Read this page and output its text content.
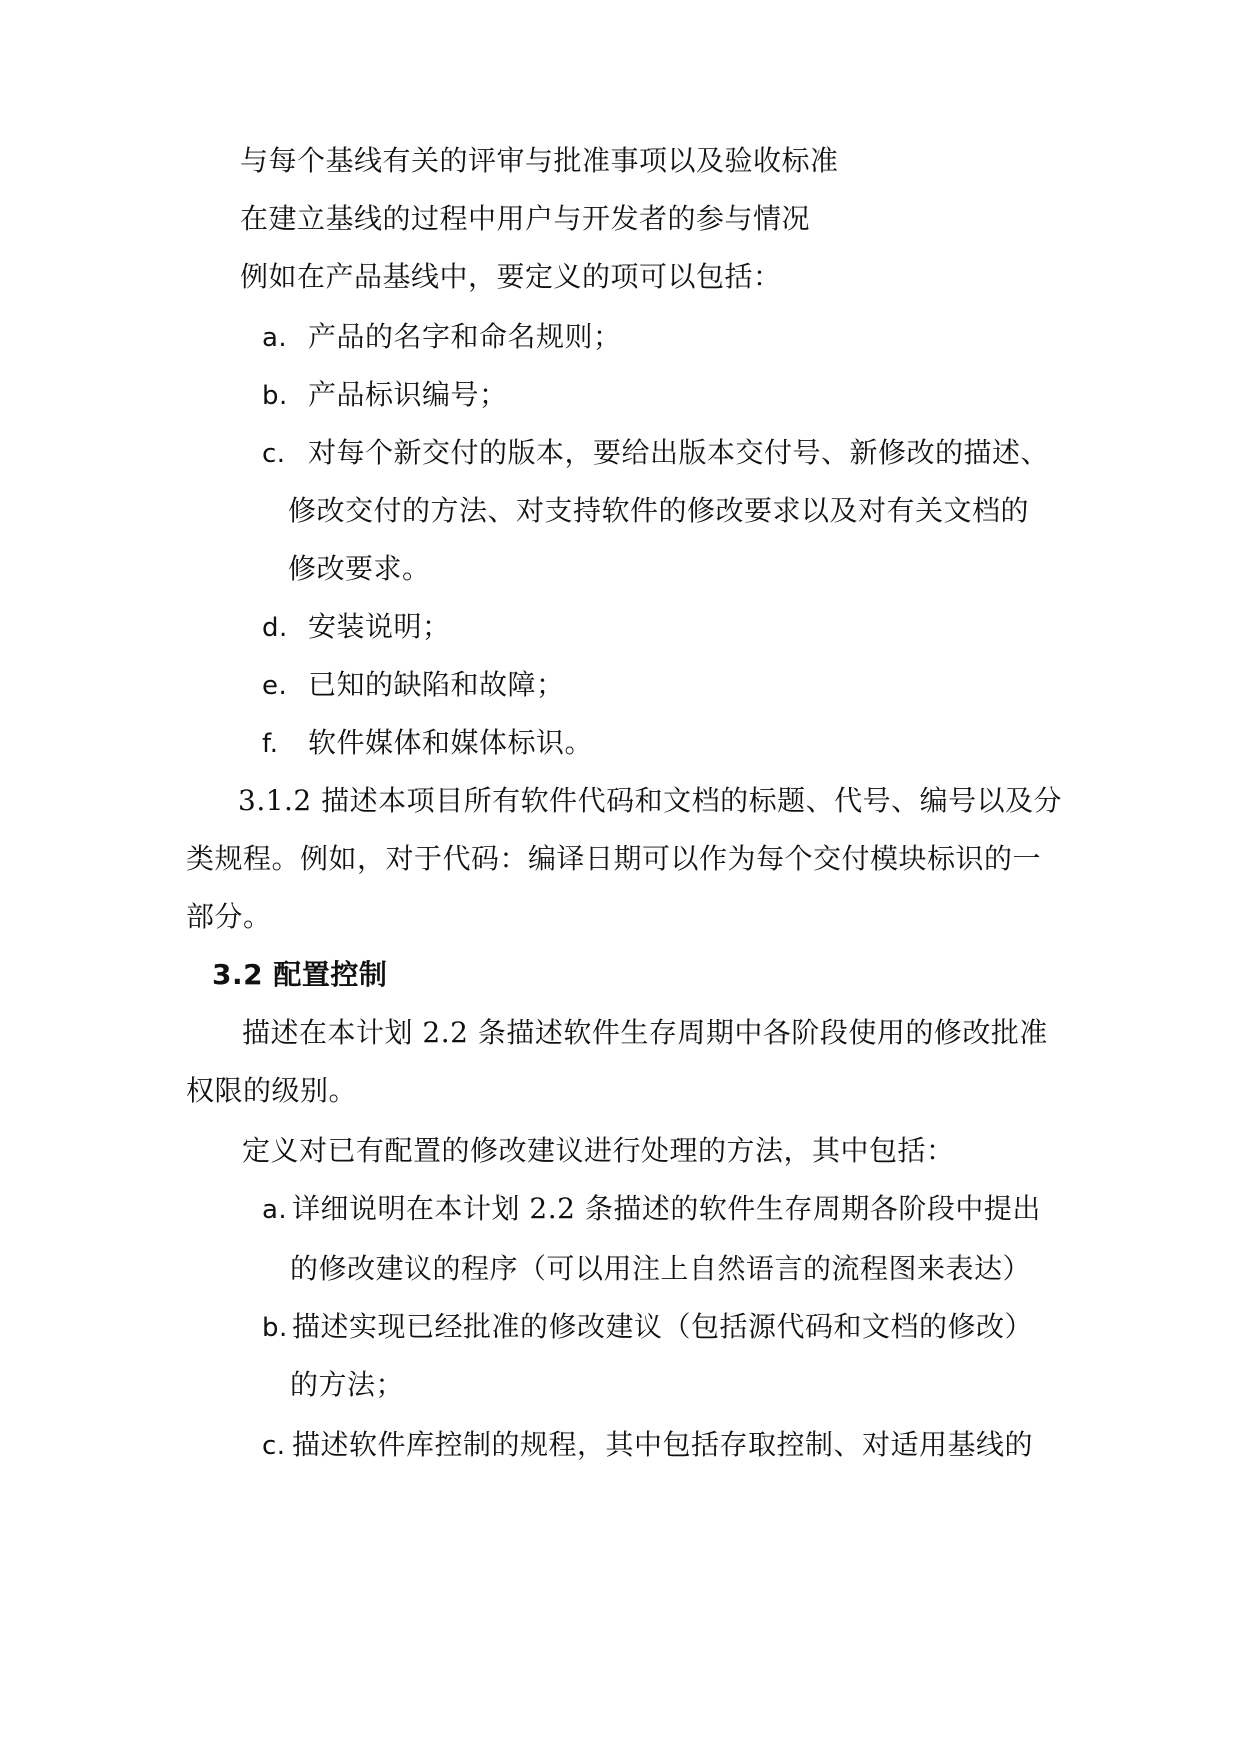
与每个基线有关的评审与批准事项以及验收标准
在建立基线的过程中用户与开发者的参与情况
例如在产品基线中，要定义的项可以包括：
a. 产品的名字和命名规则；
b. 产品标识编号；
c. 对每个新交付的版本，要给出版本交付号、新修改的描述、
修改交付的方法、对支持软件的修改要求以及对有关文档的
修改要求。
d. 安装说明；
e. 已知的缺陷和故障；
f. 软件媒体和媒体标识。
3.1.2 描述本项目所有软件代码和文档的标题、代号、编号以及分
类规程。例如，对于代码：编译日期可以作为每个交付模块标识的一
部分。
3.2 配置控制
描述在本计划 2.2 条描述软件生存周期中各阶段使用的修改批准
权限的级别。
定义对已有配置的修改建议进行处理的方法，其中包括：
a. 详细说明在本计划 2.2 条描述的软件生存周期各阶段中提出
的修改建议的程序（可以用注上自然语言的流程图来表达）
b. 描述实现已经批准的修改建议（包括源代码和文档的修改）
的方法；
c. 描述软件库控制的规程，其中包括存取控制、对适用基线的
